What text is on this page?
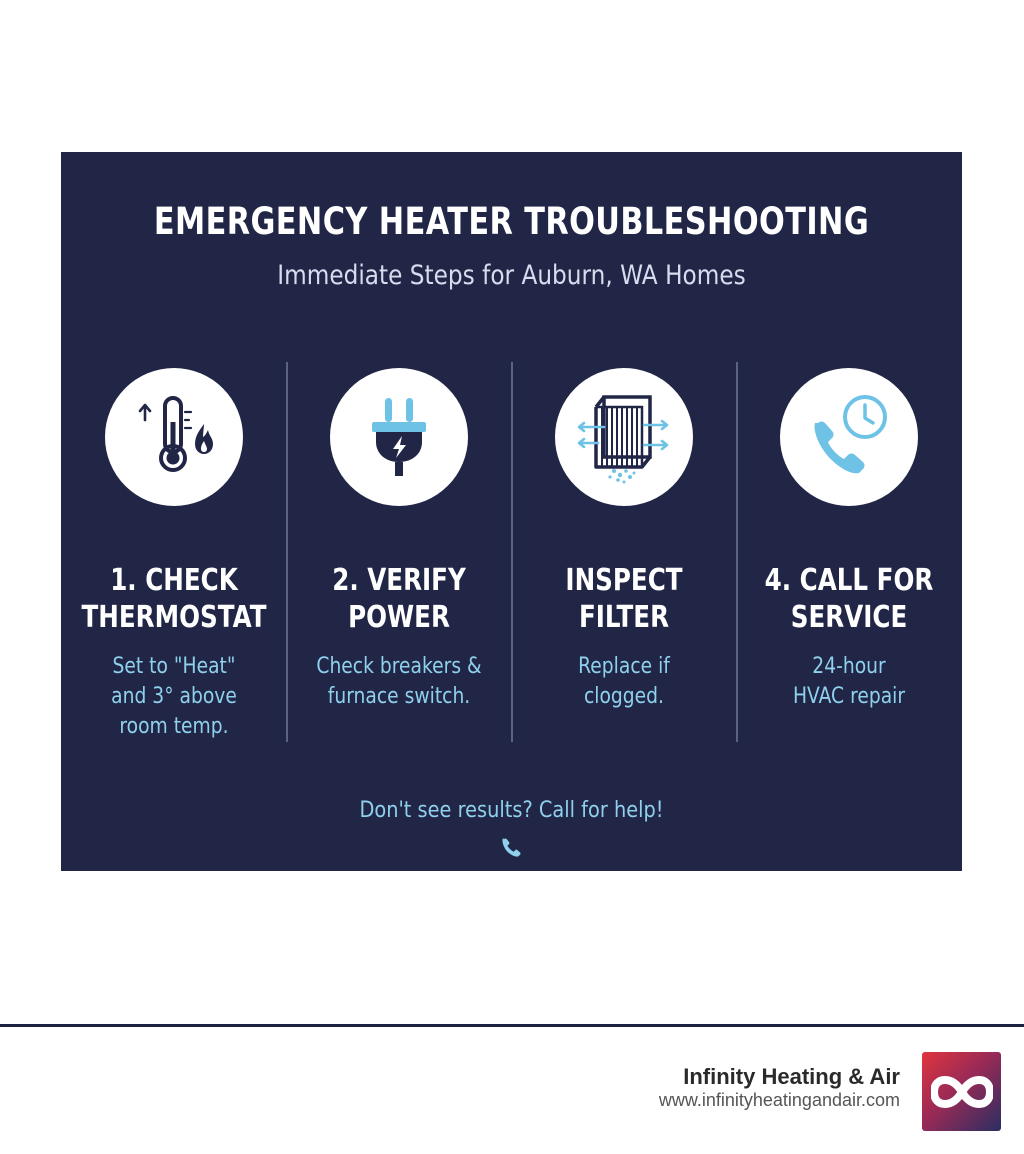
EMERGENCY HEATER TROUBLESHOOTING
Immediate Steps for Auburn, WA Homes
1. CHECK
THERMOSTAT
Set to "Heat"
and 3° above
room temp.
2. VERIFY
POWER
Check breakers &
furnace switch.
INSPECT
FILTER
Replace if
clogged.
4. CALL FOR
SERVICE
24-hour
HVAC repair
Don't see results? Call for help!
Infinity Heating & Air
www.infinityheatingandair.com
